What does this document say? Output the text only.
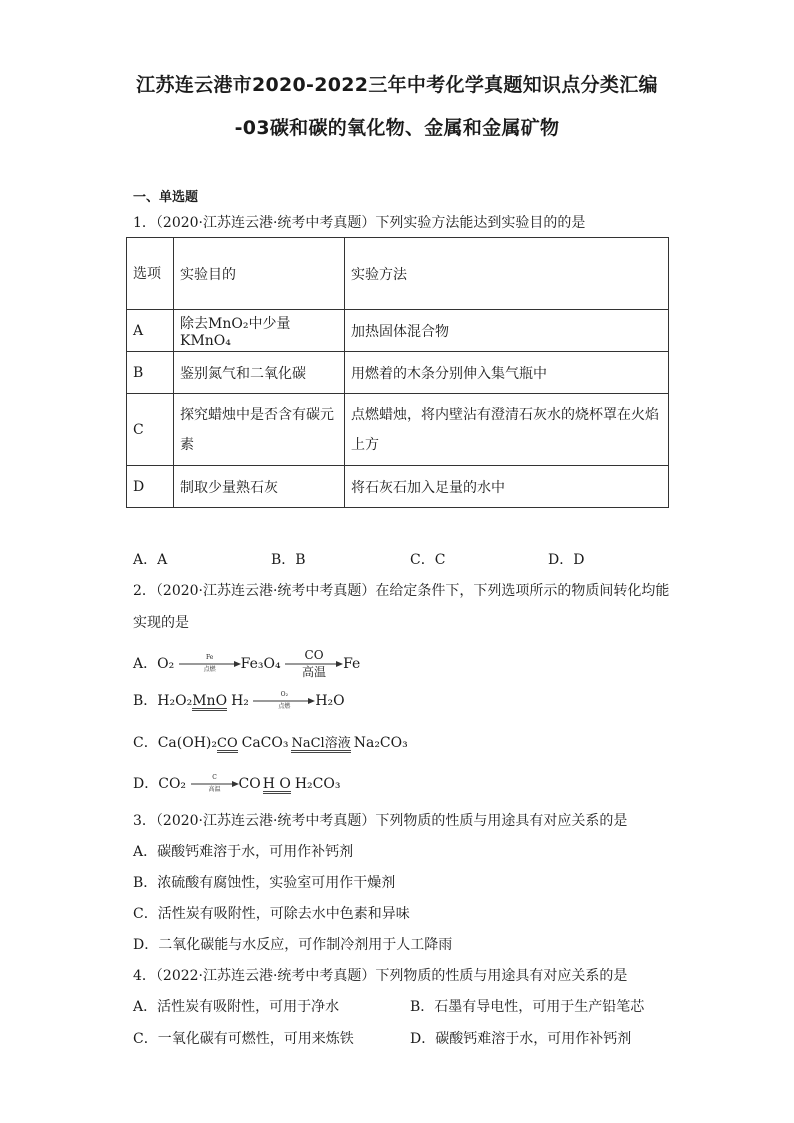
江苏连云港市2020-2022三年中考化学真题知识点分类汇编
-03碳和碳的氧化物、金属和金属矿物
一、单选题
1．（2020·江苏连云港·统考中考真题）下列实验方法能达到实验目的的是
选项	实验目的	实验方法
A	除去MnO₂中少量KMnO₄	加热固体混合物
B	鉴别氮气和二氧化碳	用燃着的木条分别伸入集气瓶中
C	探究蜡烛中是否含有碳元素	点燃蜡烛，将内壁沾有澄清石灰水的烧杯罩在火焰上方
D	制取少量熟石灰	将石灰石加入足量的水中
A．A	B．B	C．C	D．D
2．（2020·江苏连云港·统考中考真题）在给定条件下，下列选项所示的物质间转化均能
实现的是
A．O₂	Fe
点燃	Fe₃O₄
CO
高温	Fe
B．H₂O₂MnO H₂	O₂
点燃	H₂O
C．Ca(OH)₂CO CaCO₃ NaCl溶液 Na₂CO₃
D．CO₂	C
高温	CO H O H₂CO₃
3．（2020·江苏连云港·统考中考真题）下列物质的性质与用途具有对应关系的是
A．碳酸钙难溶于水，可用作补钙剂
B．浓硫酸有腐蚀性，实验室可用作干燥剂
C．活性炭有吸附性，可除去水中色素和异味
D．二氧化碳能与水反应，可作制冷剂用于人工降雨
4．（2022·江苏连云港·统考中考真题）下列物质的性质与用途具有对应关系的是
A．活性炭有吸附性，可用于净水	B．石墨有导电性，可用于生产铅笔芯
C．一氧化碳有可燃性，可用来炼铁	D．碳酸钙难溶于水，可用作补钙剂
